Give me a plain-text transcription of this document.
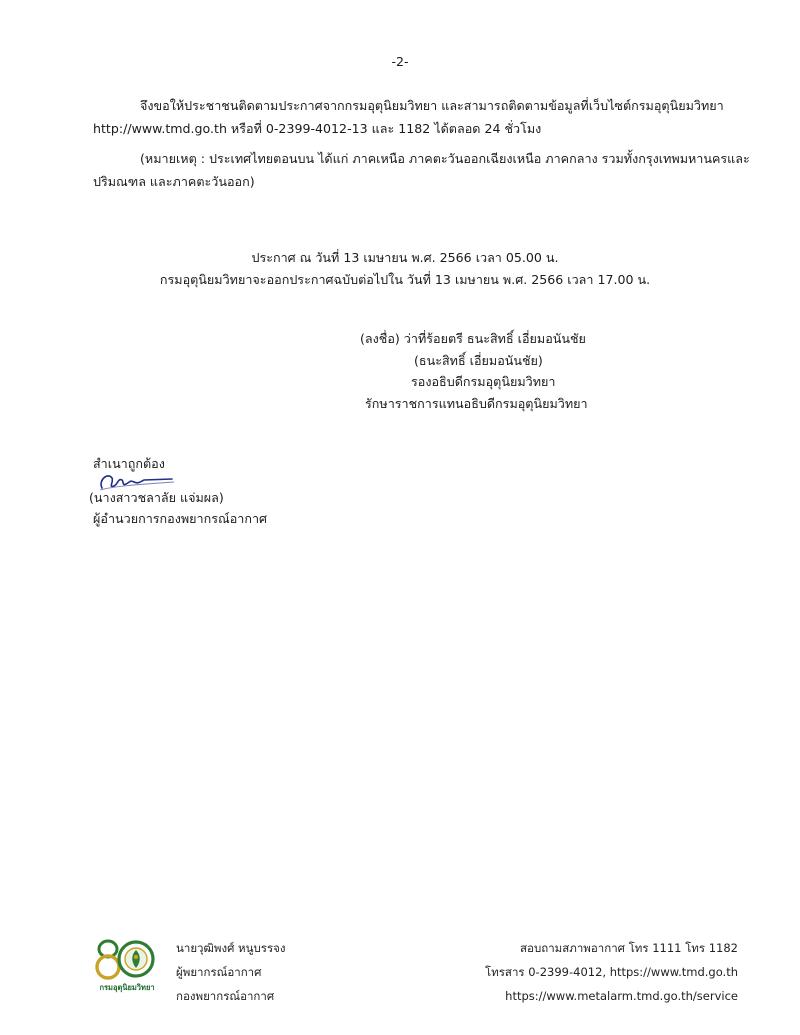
-2-
จึงขอให้ประชาชนติดตามประกาศจากกรมอุตุนิยมวิทยา และสามารถติดตามข้อมูลที่เว็บไซต์กรมอุตุนิยมวิทยา
http://www.tmd.go.th หรือที่ 0-2399-4012-13 และ 1182 ได้ตลอด 24 ชั่วโมง
(หมายเหตุ : ประเทศไทยตอนบน ได้แก่ ภาคเหนือ ภาคตะวันออกเฉียงเหนือ ภาคกลาง รวมทั้งกรุงเทพมหานครและ
ปริมณฑล และภาคตะวันออก)
ประกาศ ณ วันที่ 13 เมษายน พ.ศ. 2566 เวลา 05.00 น.
กรมอุตุนิยมวิทยาจะออกประกาศฉบับต่อไปใน วันที่ 13 เมษายน พ.ศ. 2566 เวลา 17.00 น.
(ลงชื่อ) ว่าที่ร้อยตรี ธนะสิทธิ์ เอี่ยมอนันชัย
(ธนะสิทธิ์ เอี่ยมอนันชัย)
รองอธิบดีกรมอุตุนิยมวิทยา
รักษาราชการแทนอธิบดีกรมอุตุนิยมวิทยา
สำเนาถูกต้อง
(นางสาวชลาลัย แจ่มผล)
ผู้อำนวยการกองพยากรณ์อากาศ
กรมอุตุนิยมวิทยา
นายวุฒิพงศ์ หนูบรรจง
ผู้พยากรณ์อากาศ
กองพยากรณ์อากาศ
สอบถามสภาพอากาศ โทร 1111 โทร 1182
โทรสาร 0-2399-4012, https://www.tmd.go.th
https://www.metalarm.tmd.go.th/service
